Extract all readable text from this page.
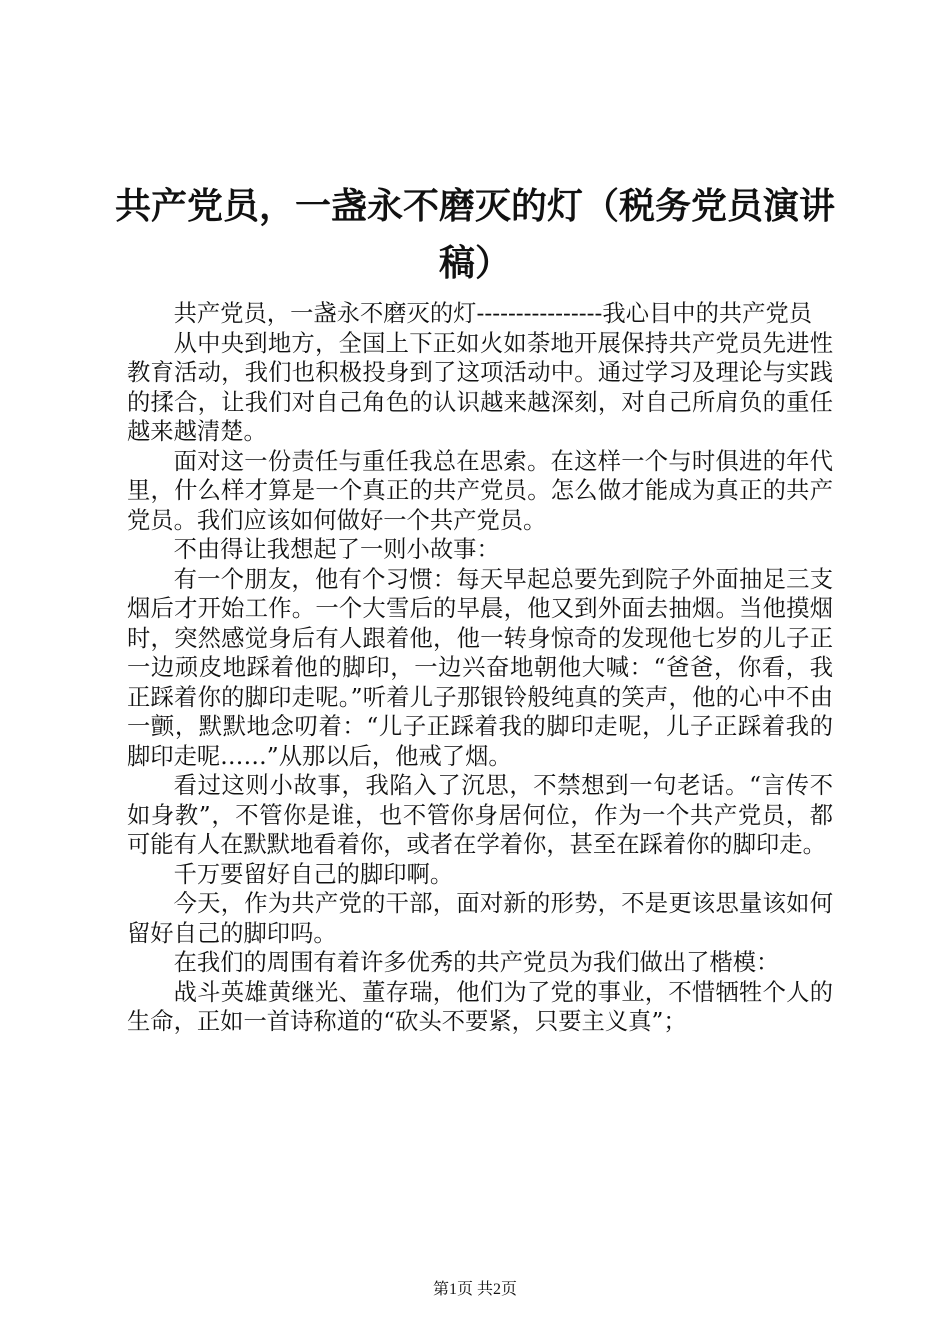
共产党员，一盏永不磨灭的灯（税务党员演讲稿）

共产党员，一盏永不磨灭的灯----------------我心目中的共产党员

从中央到地方，全国上下正如火如荼地开展保持共产党员先进性教育活动，我们也积极投身到了这项活动中。通过学习及理论与实践的揉合，让我们对自己角色的认识越来越深刻，对自己所肩负的重任越来越清楚。

面对这一份责任与重任我总在思索。在这样一个与时俱进的年代里，什么样才算是一个真正的共产党员。怎么做才能成为真正的共产党员。我们应该如何做好一个共产党员。

不由得让我想起了一则小故事：

有一个朋友，他有个习惯：每天早起总要先到院子外面抽足三支烟后才开始工作。一个大雪后的早晨，他又到外面去抽烟。当他摸烟时，突然感觉身后有人跟着他，他一转身惊奇的发现他七岁的儿子正一边顽皮地踩着他的脚印，一边兴奋地朝他大喊：“爸爸，你看，我正踩着你的脚印走呢。”听着儿子那银铃般纯真的笑声，他的心中不由一颤，默默地念叨着：“儿子正踩着我的脚印走呢，儿子正踩着我的脚印走呢……”从那以后，他戒了烟。

看过这则小故事，我陷入了沉思，不禁想到一句老话。“言传不如身教”，不管你是谁，也不管你身居何位，作为一个共产党员，都可能有人在默默地看着你，或者在学着你，甚至在踩着你的脚印走。

千万要留好自己的脚印啊。

今天，作为共产党的干部，面对新的形势，不是更该思量该如何留好自己的脚印吗。

在我们的周围有着许多优秀的共产党员为我们做出了楷模：

战斗英雄黄继光、董存瑞，他们为了党的事业，不惜牺牲个人的生命，正如一首诗称道的“砍头不要紧，只要主义真”；

第1页 共2页
